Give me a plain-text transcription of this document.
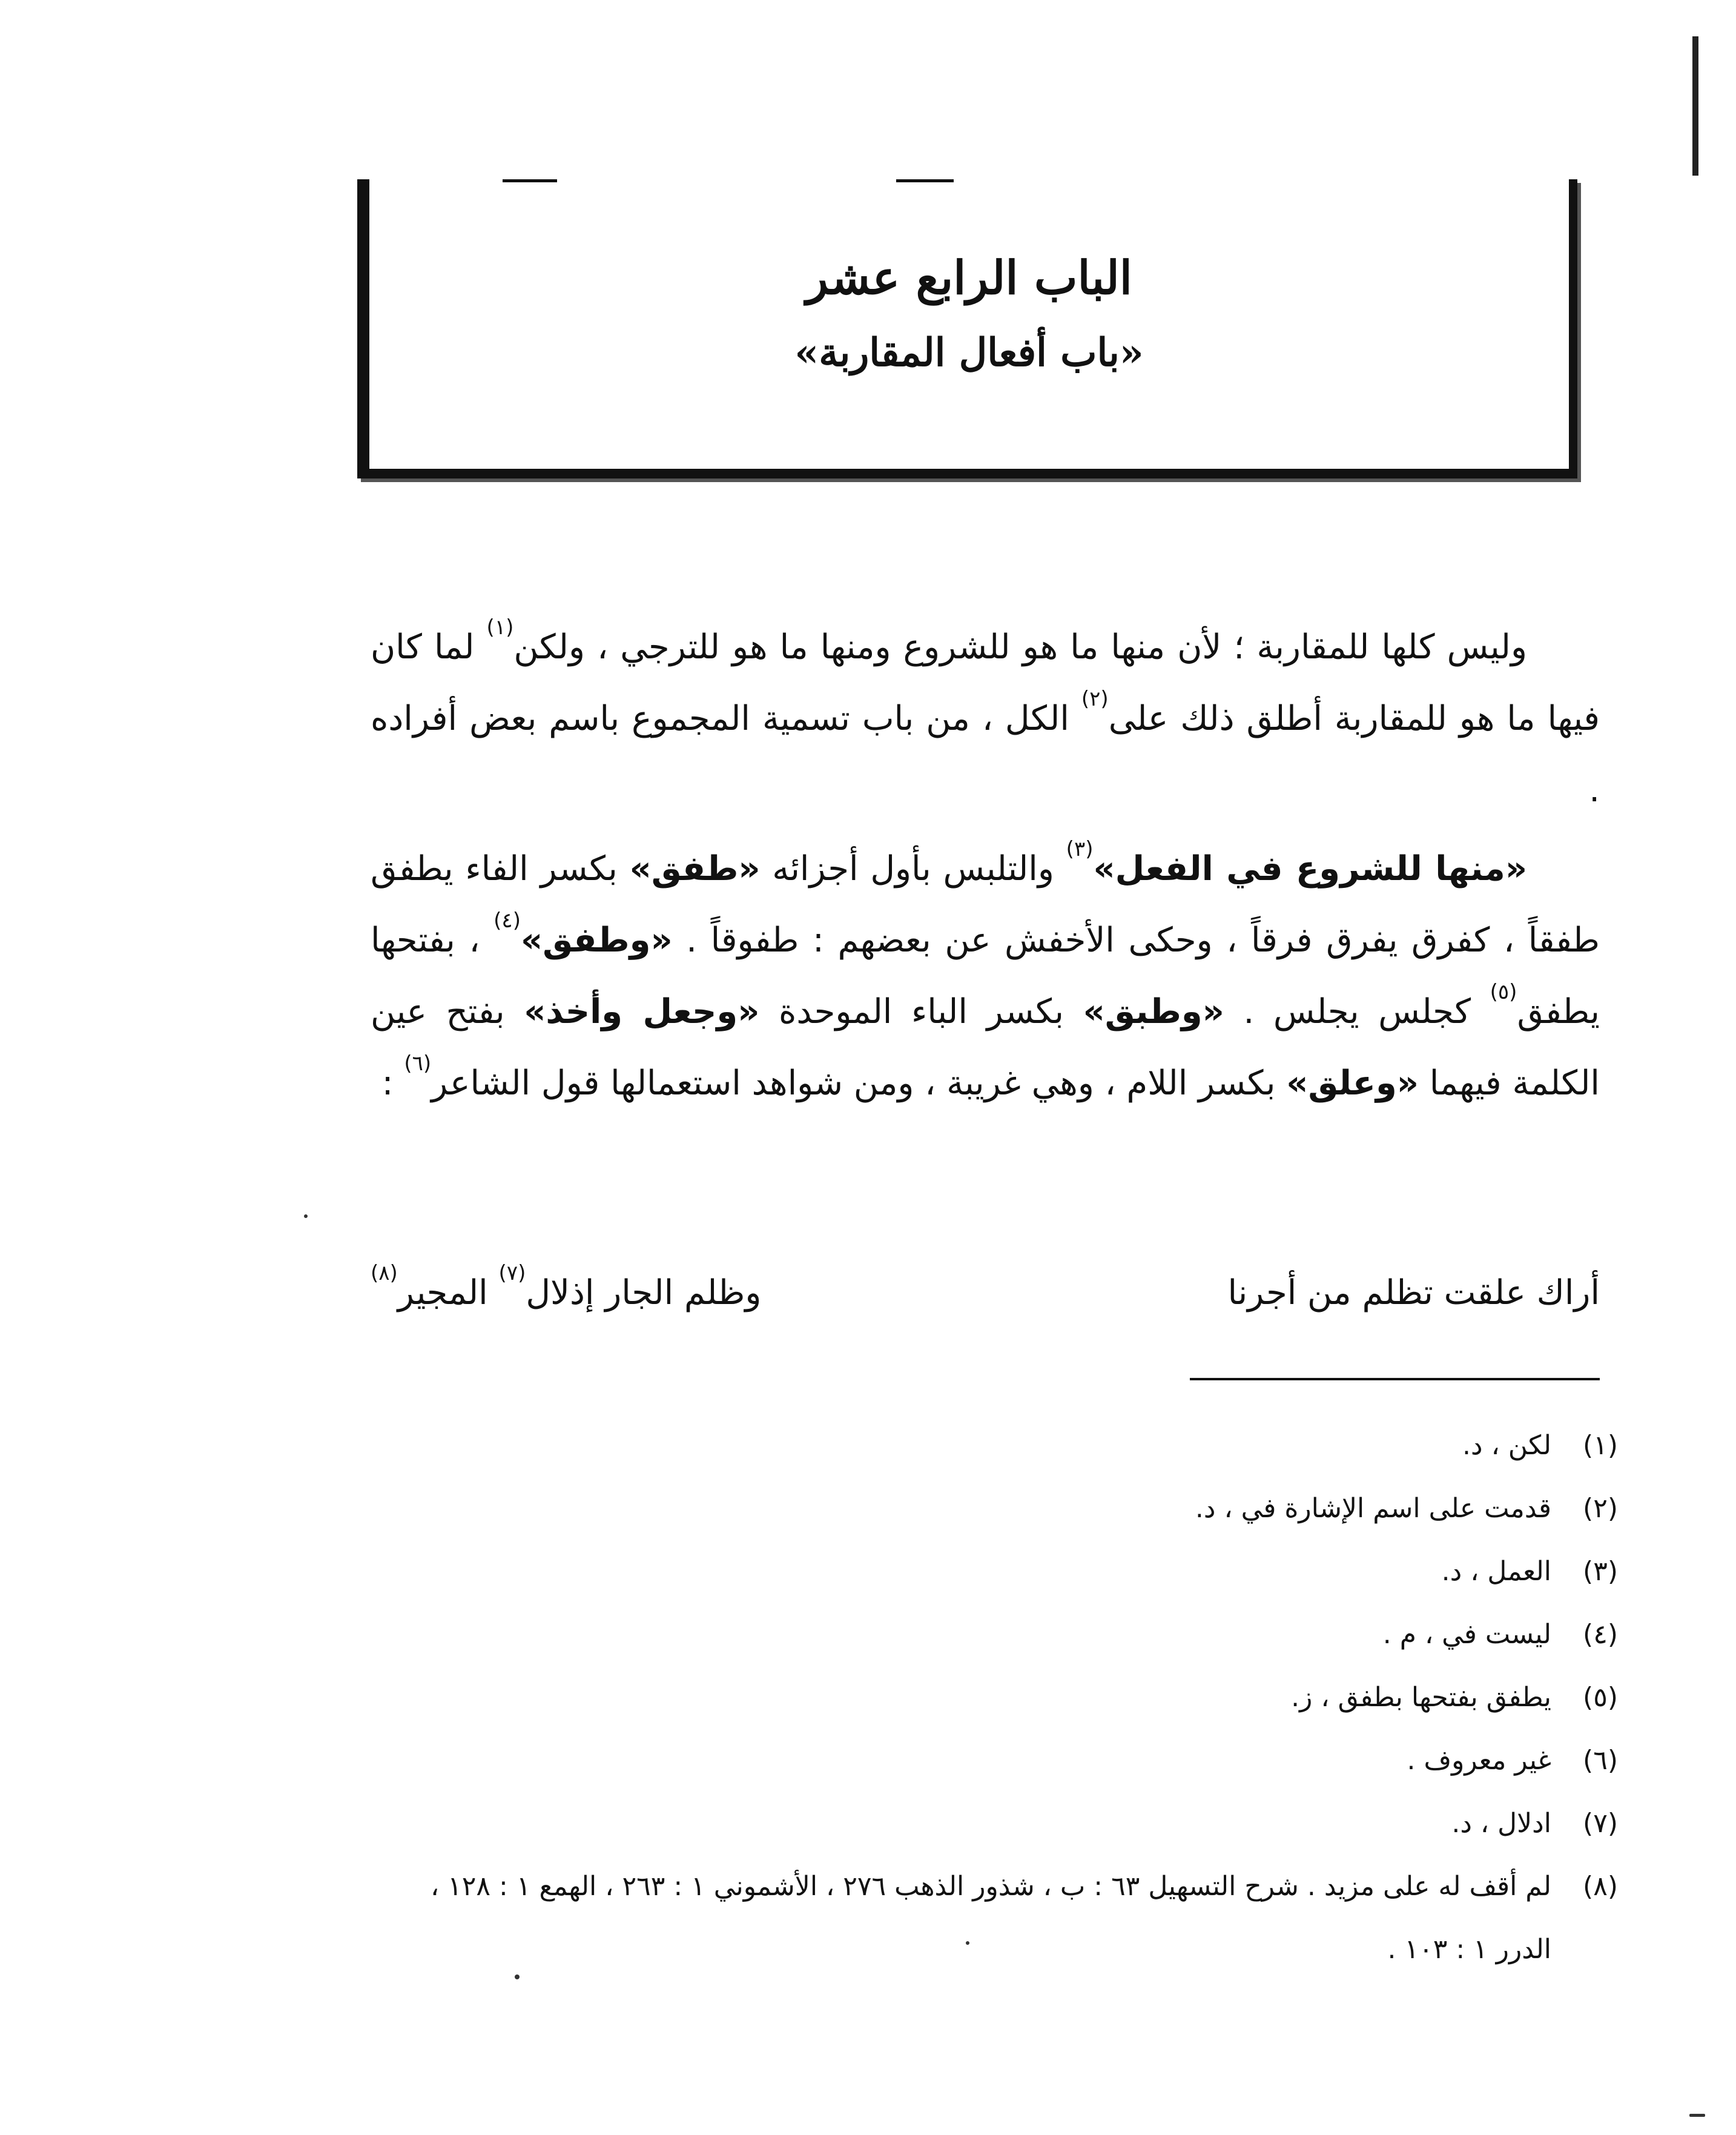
الباب الرابع عشر
«باب أفعال المقاربة»
وليس كلها للمقاربة ؛ لأن منها ما هو للشروع ومنها ما هو للترجي ، ولكن$^{(١)}$ لما كان فيها ما هو للمقاربة أطلق ذلك على$^{(٢)}$ الكل ، من باب تسمية المجموع باسم بعض أفراده .
«منها للشروع في الفعل»$^{(٣)}$ والتلبس بأول أجزائه «طفق» بكسر الفاء يطفق طفقاً ، كفرق يفرق فرقاً ، وحكى الأخفش عن بعضهم : طفوقاً . «وطفق»$^{(٤)}$ ، بفتحها يطفق$^{(٥)}$ كجلس يجلس . «وطبق» بكسر الباء الموحدة «وجعل وأخذ» بفتح عين الكلمة فيهما «وعلق» بكسر اللام ، وهي غريبة ، ومن شواهد استعمالها قول الشاعر$^{(٦)}$ :
أراك علقت تظلم من أجرنا
وظلم الجار إذلال$^{(٧)}$ المجير$^{(٨)}$
(١)
لكن ، د.
(٢)
قدمت على اسم الإشارة في ، د.
(٣)
العمل ، د.
(٤)
ليست في ، م .
(٥)
يطفق بفتحها بطفق ، ز.
(٦)
غير معروف .
(٧)
ادلال ، د.
(٨)
لم أقف له على مزيد . شرح التسهيل ٦٣ : ب ، شذور الذهب ٢٧٦ ، الأشموني ١ : ٢٦٣ ، الهمع ١ : ١٢٨ ، الدرر ١ : ١٠٣ .
